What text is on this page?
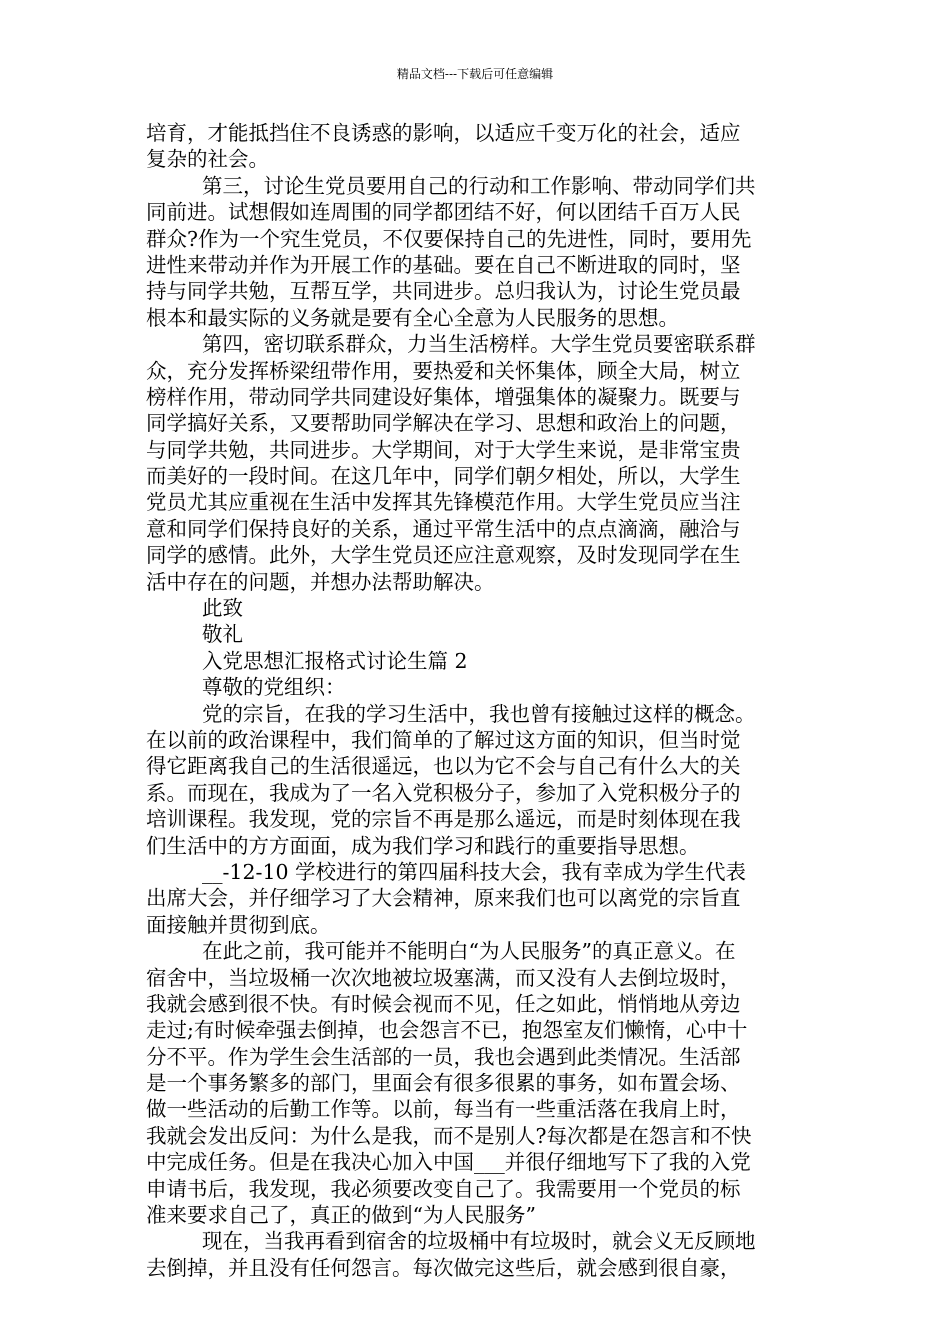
精品文档---下载后可任意编辑
培育，才能抵挡住不良诱惑的影响，以适应千变万化的社会，适应
复杂的社会。
第三，讨论生党员要用自己的行动和工作影响、带动同学们共
同前进。试想假如连周围的同学都团结不好，何以团结千百万人民
群众?作为一个究生党员，不仅要保持自己的先进性，同时，要用先
进性来带动并作为开展工作的基础。要在自己不断进取的同时，坚
持与同学共勉，互帮互学，共同进步。总归我认为，讨论生党员最
根本和最实际的义务就是要有全心全意为人民服务的思想。
第四，密切联系群众，力当生活榜样。大学生党员要密联系群
众，充分发挥桥梁纽带作用，要热爱和关怀集体，顾全大局，树立
榜样作用，带动同学共同建设好集体，增强集体的凝聚力。既要与
同学搞好关系，又要帮助同学解决在学习、思想和政治上的问题，
与同学共勉，共同进步。大学期间，对于大学生来说，是非常宝贵
而美好的一段时间。在这几年中，同学们朝夕相处，所以，大学生
党员尤其应重视在生活中发挥其先锋模范作用。大学生党员应当注
意和同学们保持良好的关系，通过平常生活中的点点滴滴，融洽与
同学的感情。此外，大学生党员还应注意观察，及时发现同学在生
活中存在的问题，并想办法帮助解决。
此致
敬礼
入党思想汇报格式讨论生篇 2
尊敬的党组织：
党的宗旨，在我的学习生活中，我也曾有接触过这样的概念。
在以前的政治课程中，我们简单的了解过这方面的知识，但当时觉
得它距离我自己的生活很遥远，也以为它不会与自己有什么大的关
系。而现在，我成为了一名入党积极分子，参加了入党积极分子的
培训课程。我发现，党的宗旨不再是那么遥远，而是时刻体现在我
们生活中的方方面面，成为我们学习和践行的重要指导思想。
__-12-10 学校进行的第四届科技大会，我有幸成为学生代表
出席大会，并仔细学习了大会精神，原来我们也可以离党的宗旨直
面接触并贯彻到底。
在此之前，我可能并不能明白“为人民服务”的真正意义。在
宿舍中，当垃圾桶一次次地被垃圾塞满，而又没有人去倒垃圾时，
我就会感到很不快。有时候会视而不见，任之如此，悄悄地从旁边
走过;有时候牵强去倒掉，也会怨言不已，抱怨室友们懒惰，心中十
分不平。作为学生会生活部的一员，我也会遇到此类情况。生活部
是一个事务繁多的部门，里面会有很多很累的事务，如布置会场、
做一些活动的后勤工作等。以前，每当有一些重活落在我肩上时，
我就会发出反问：为什么是我，而不是别人?每次都是在怨言和不快
中完成任务。但是在我决心加入中国___并很仔细地写下了我的入党
申请书后，我发现，我必须要改变自己了。我需要用一个党员的标
准来要求自己了，真正的做到“为人民服务”
现在，当我再看到宿舍的垃圾桶中有垃圾时，就会义无反顾地
去倒掉，并且没有任何怨言。每次做完这些后，就会感到很自豪，
